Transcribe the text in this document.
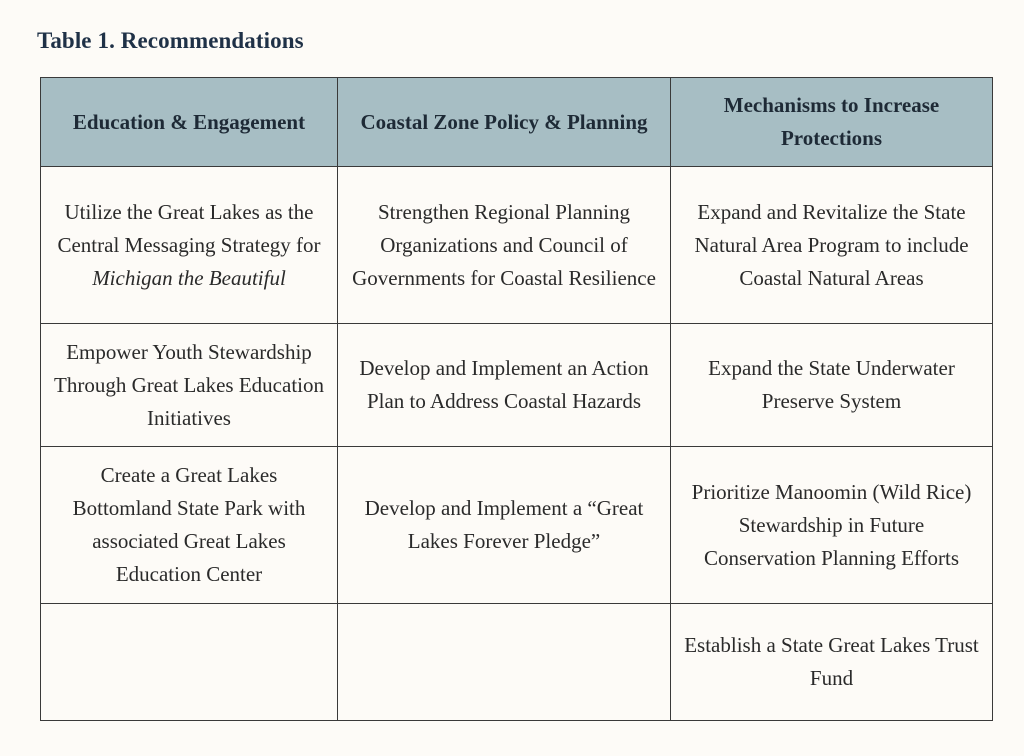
Table 1. Recommendations
Education & Engagement	Coastal Zone Policy & Planning	Mechanisms to Increase Protections
Utilize the Great Lakes as the Central Messaging Strategy for Michigan the Beautiful	Strengthen Regional Planning Organizations and Council of Governments for Coastal Resilience	Expand and Revitalize the State Natural Area Program to include Coastal Natural Areas
Empower Youth Stewardship Through Great Lakes Education Initiatives	Develop and Implement an Action Plan to Address Coastal Hazards	Expand the State Underwater Preserve System
Create a Great Lakes Bottomland State Park with associated Great Lakes Education Center	Develop and Implement a “Great Lakes Forever Pledge”	Prioritize Manoomin (Wild Rice) Stewardship in Future Conservation Planning Efforts
		Establish a State Great Lakes Trust Fund
